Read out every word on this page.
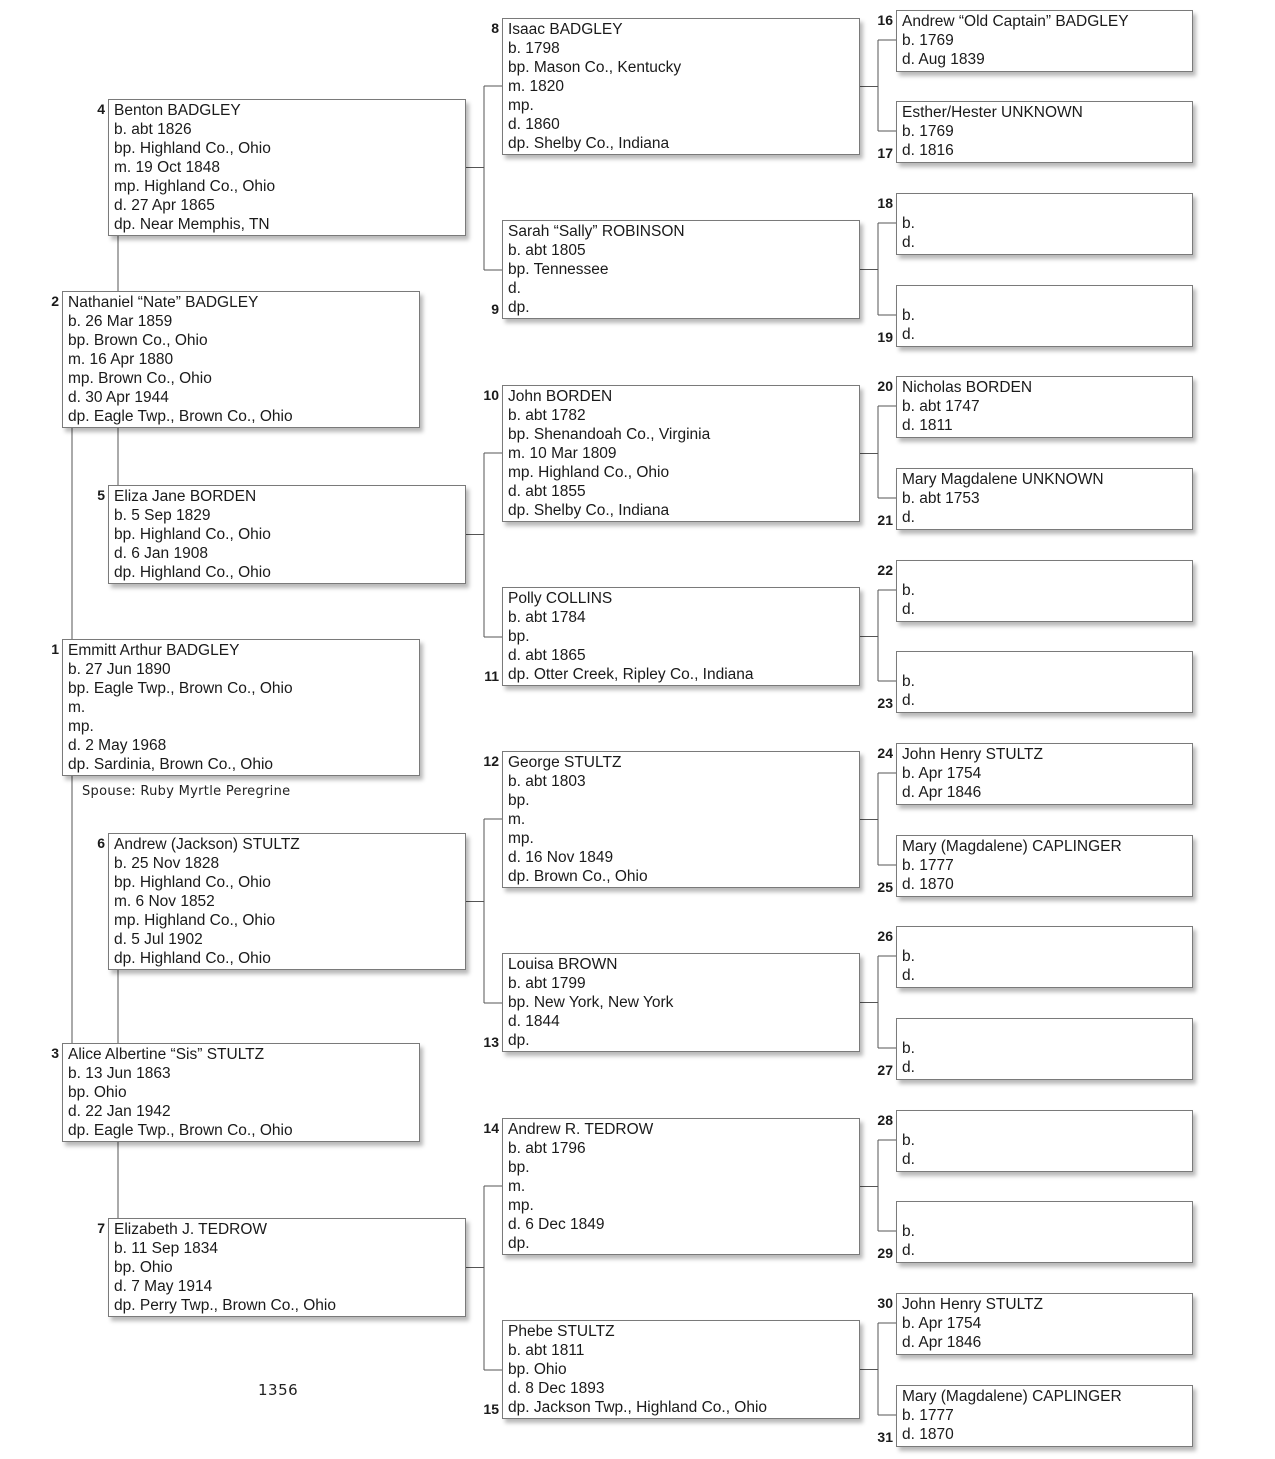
Emmitt Arthur BADGLEY
b. 27 Jun 1890
bp. Eagle Twp., Brown Co., Ohio
m.
mp.
d. 2 May 1968
dp. Sardinia, Brown Co., Ohio
1
Nathaniel “Nate” BADGLEY
b. 26 Mar 1859
bp. Brown Co., Ohio
m. 16 Apr 1880
mp. Brown Co., Ohio
d. 30 Apr 1944
dp. Eagle Twp., Brown Co., Ohio
2
Alice Albertine “Sis” STULTZ
b. 13 Jun 1863
bp. Ohio
d. 22 Jan 1942
dp. Eagle Twp., Brown Co., Ohio
3
Benton BADGLEY
b. abt 1826
bp. Highland Co., Ohio
m. 19 Oct 1848
mp. Highland Co., Ohio
d. 27 Apr 1865
dp. Near Memphis, TN
4
Eliza Jane BORDEN
b. 5 Sep 1829
bp. Highland Co., Ohio
d. 6 Jan 1908
dp. Highland Co., Ohio
5
Andrew (Jackson) STULTZ
b. 25 Nov 1828
bp. Highland Co., Ohio
m. 6 Nov 1852
mp. Highland Co., Ohio
d. 5 Jul 1902
dp. Highland Co., Ohio
6
Elizabeth J. TEDROW
b. 11 Sep 1834
bp. Ohio
d. 7 May 1914
dp. Perry Twp., Brown Co., Ohio
7
Isaac BADGLEY
b. 1798
bp. Mason Co., Kentucky
m. 1820
mp.
d. 1860
dp. Shelby Co., Indiana
8
Sarah “Sally” ROBINSON
b. abt 1805
bp. Tennessee
d.
dp.
9
John BORDEN
b. abt 1782
bp. Shenandoah Co., Virginia
m. 10 Mar 1809
mp. Highland Co., Ohio
d. abt 1855
dp. Shelby Co., Indiana
10
Polly COLLINS
b. abt 1784
bp.
d. abt 1865
dp. Otter Creek, Ripley Co., Indiana
11
George STULTZ
b. abt 1803
bp.
m.
mp.
d. 16 Nov 1849
dp. Brown Co., Ohio
12
Louisa BROWN
b. abt 1799
bp. New York, New York
d. 1844
dp.
13
Andrew R. TEDROW
b. abt 1796
bp.
m.
mp.
d. 6 Dec 1849
dp.
14
Phebe STULTZ
b. abt 1811
bp. Ohio
d. 8 Dec 1893
dp. Jackson Twp., Highland Co., Ohio
15
Andrew “Old Captain” BADGLEY
b. 1769
d. Aug 1839
16
Esther/Hester UNKNOWN
b. 1769
d. 1816
17

b.
d.
18

b.
d.
19
Nicholas BORDEN
b. abt 1747
d. 1811
20
Mary Magdalene UNKNOWN
b. abt 1753
d.
21

b.
d.
22

b.
d.
23
John Henry STULTZ
b. Apr 1754
d. Apr 1846
24
Mary (Magdalene) CAPLINGER
b. 1777
d. 1870
25

b.
d.
26

b.
d.
27

b.
d.
28

b.
d.
29
John Henry STULTZ
b. Apr 1754
d. Apr 1846
30
Mary (Magdalene) CAPLINGER
b. 1777
d. 1870
31
Spouse: Ruby Myrtle Peregrine
1356
